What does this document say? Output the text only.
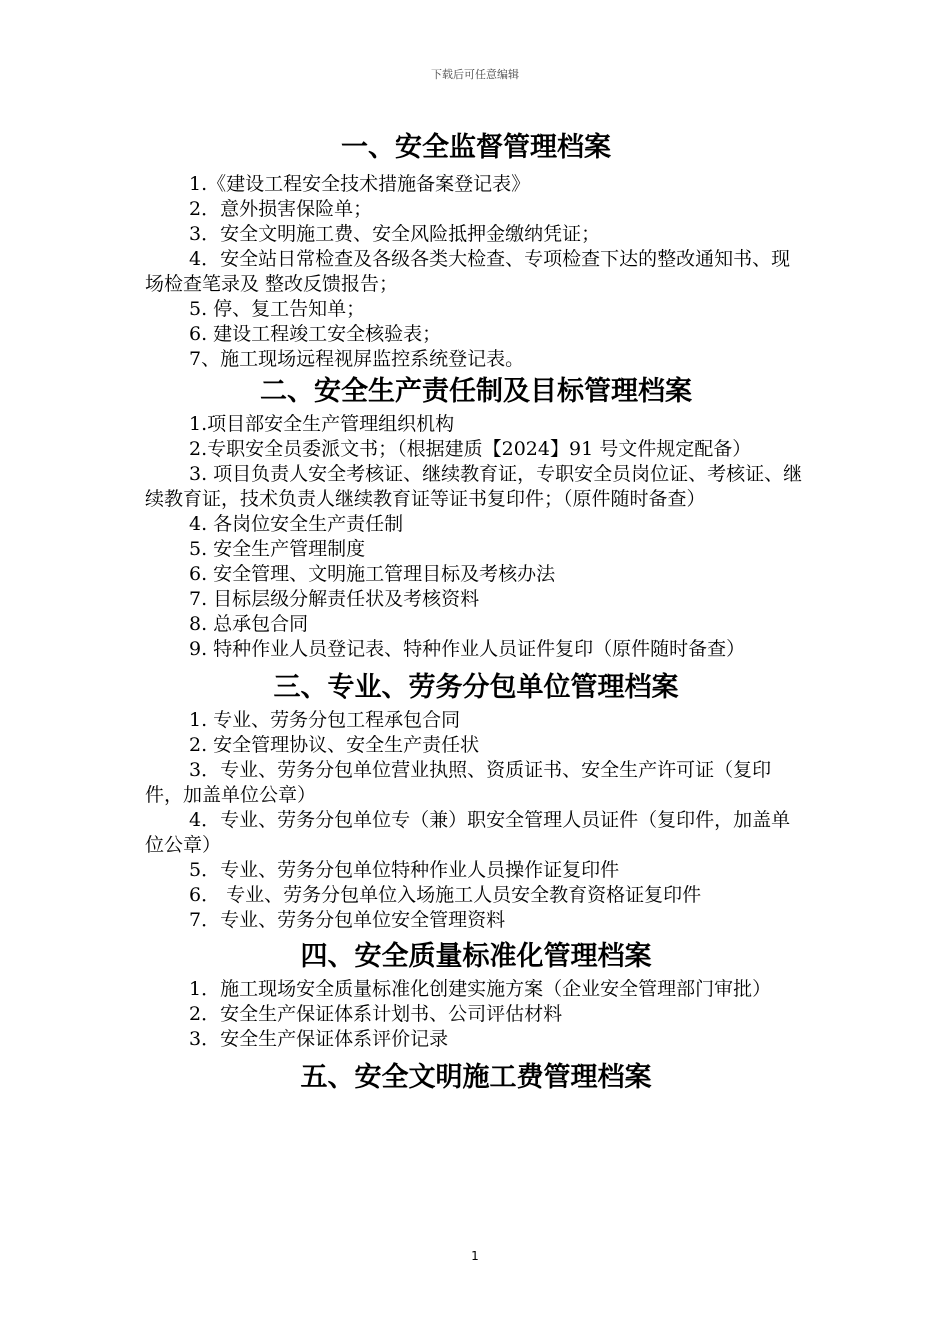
下载后可任意编辑
一、安全监督管理档案

1.《建设工程安全技术措施备案登记表》

2．意外损害保险单；

3．安全文明施工费、安全风险抵押金缴纳凭证；

4．安全站日常检查及各级各类大检查、专项检查下达的整改通知书、现场检查笔录及 整改反馈报告；

5. 停、复工告知单；

6. 建设工程竣工安全核验表；

7、施工现场远程视屏监控系统登记表。

二、安全生产责任制及目标管理档案

1.项目部安全生产管理组织机构

2.专职安全员委派文书；（根据建质【2024】91 号文件规定配备）

3. 项目负责人安全考核证、继续教育证，专职安全员岗位证、考核证、继续教育证，技术负责人继续教育证等证书复印件；（原件随时备查）

4. 各岗位安全生产责任制

5. 安全生产管理制度

6. 安全管理、文明施工管理目标及考核办法

7. 目标层级分解责任状及考核资料

8. 总承包合同

9. 特种作业人员登记表、特种作业人员证件复印（原件随时备查）

三、专业、劳务分包单位管理档案

1. 专业、劳务分包工程承包合同

2. 安全管理协议、安全生产责任状

3．专业、劳务分包单位营业执照、资质证书、安全生产许可证（复印件，加盖单位公章）

4．专业、劳务分包单位专（兼）职安全管理人员证件（复印件，加盖单位公章）

5．专业、劳务分包单位特种作业人员操作证复印件

6． 专业、劳务分包单位入场施工人员安全教育资格证复印件

7．专业、劳务分包单位安全管理资料

四、安全质量标准化管理档案

1．施工现场安全质量标准化创建实施方案（企业安全管理部门审批）

2．安全生产保证体系计划书、公司评估材料

3．安全生产保证体系评价记录

五、安全文明施工费管理档案
1
